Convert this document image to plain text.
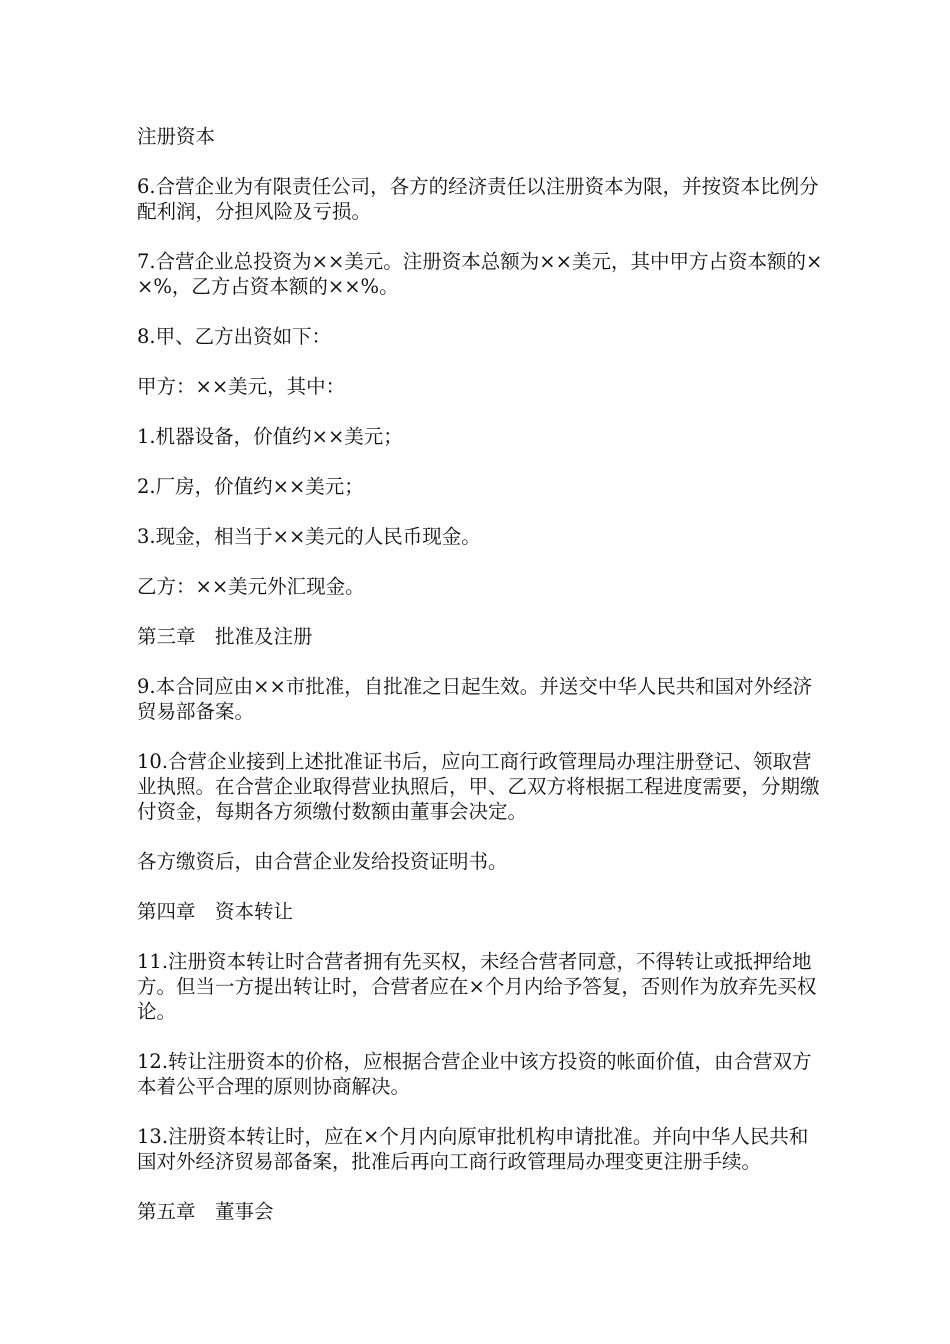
注册资本

6.合营企业为有限责任公司，各方的经济责任以注册资本为限，并按资本比例分配利润，分担风险及亏损。

7.合营企业总投资为××美元。注册资本总额为××美元，其中甲方占资本额的××%，乙方占资本额的××%。

8.甲、乙方出资如下：

甲方：××美元，其中：

1.机器设备，价值约××美元；

2.厂房，价值约××美元；

3.现金，相当于××美元的人民币现金。

乙方：××美元外汇现金。

第三章　批准及注册

9.本合同应由××市批准，自批准之日起生效。并送交中华人民共和国对外经济贸易部备案。

10.合营企业接到上述批准证书后，应向工商行政管理局办理注册登记、领取营业执照。在合营企业取得营业执照后，甲、乙双方将根据工程进度需要，分期缴付资金，每期各方须缴付数额由董事会决定。

各方缴资后，由合营企业发给投资证明书。

第四章　资本转让

11.注册资本转让时合营者拥有先买权，未经合营者同意，不得转让或抵押给地方。但当一方提出转让时，合营者应在×个月内给予答复，否则作为放弃先买权论。

12.转让注册资本的价格，应根据合营企业中该方投资的帐面价值，由合营双方本着公平合理的原则协商解决。

13.注册资本转让时，应在×个月内向原审批机构申请批准。并向中华人民共和国对外经济贸易部备案，批准后再向工商行政管理局办理变更注册手续。

第五章　董事会
